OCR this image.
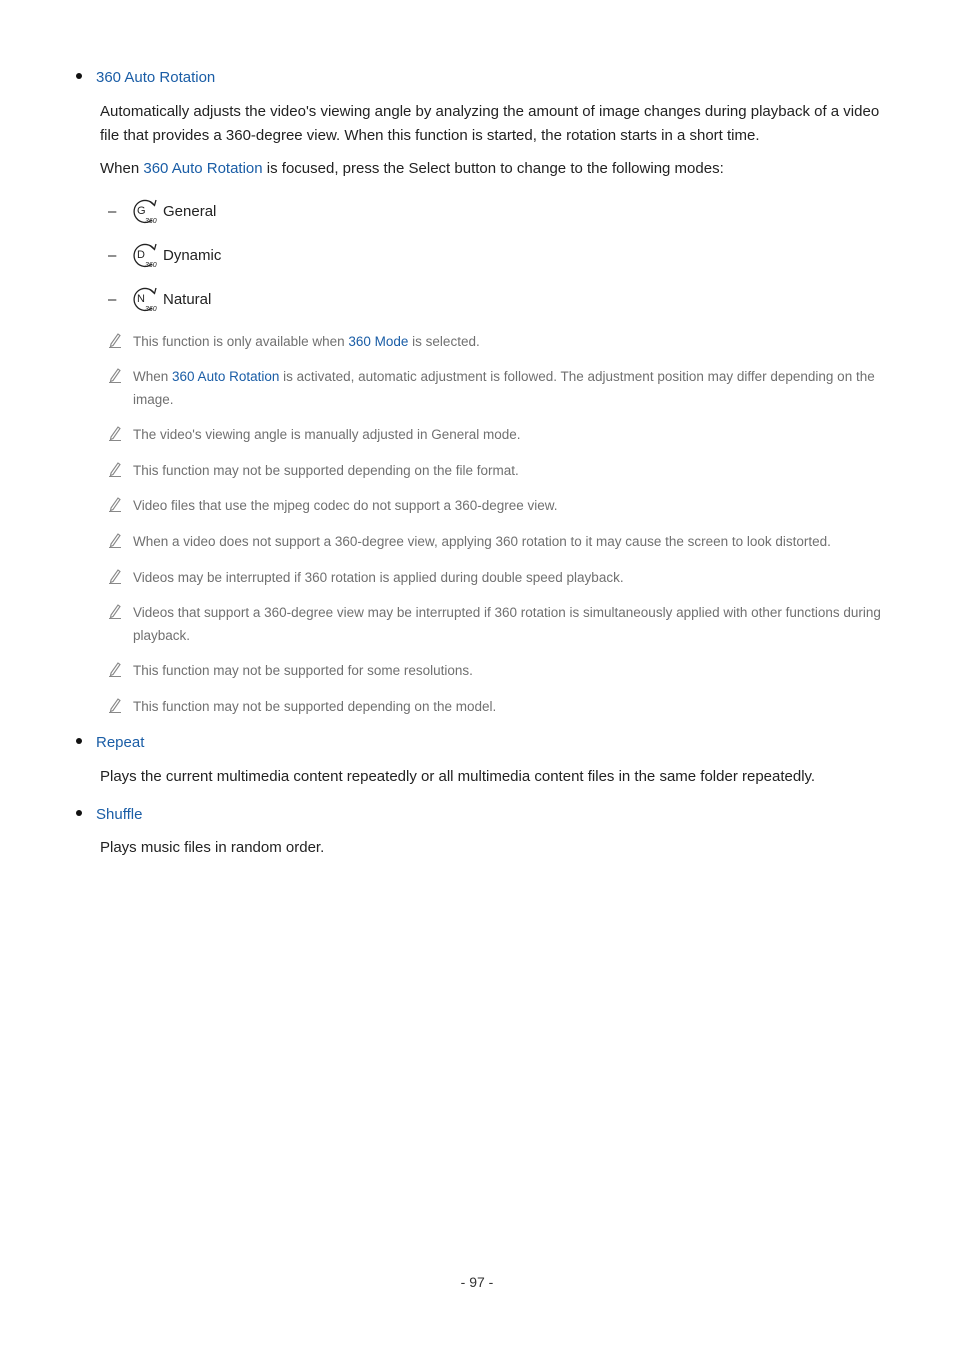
360 Auto Rotation

Automatically adjusts the video's viewing angle by analyzing the amount of image changes during playback of a video file that provides a 360-degree view. When this function is started, the rotation starts in a short time.

When 360 Auto Rotation is focused, press the Select button to change to the following modes:

–	G
360
General
–	D
360
Dynamic
–	N
360
Natural
This function is only available when 360 Mode is selected.
When 360 Auto Rotation is activated, automatic adjustment is followed. The adjustment position may differ depending on the image.
The video's viewing angle is manually adjusted in General mode.
This function may not be supported depending on the file format.
Video files that use the mjpeg codec do not support a 360-degree view.
When a video does not support a 360-degree view, applying 360 rotation to it may cause the screen to look distorted.
Videos may be interrupted if 360 rotation is applied during double speed playback.
Videos that support a 360-degree view may be interrupted if 360 rotation is simultaneously applied with other functions during playback.
This function may not be supported for some resolutions.
This function may not be supported depending on the model.
Repeat

Plays the current multimedia content repeatedly or all multimedia content files in the same folder repeatedly.

Shuffle

Plays music files in random order.

- 97 -
